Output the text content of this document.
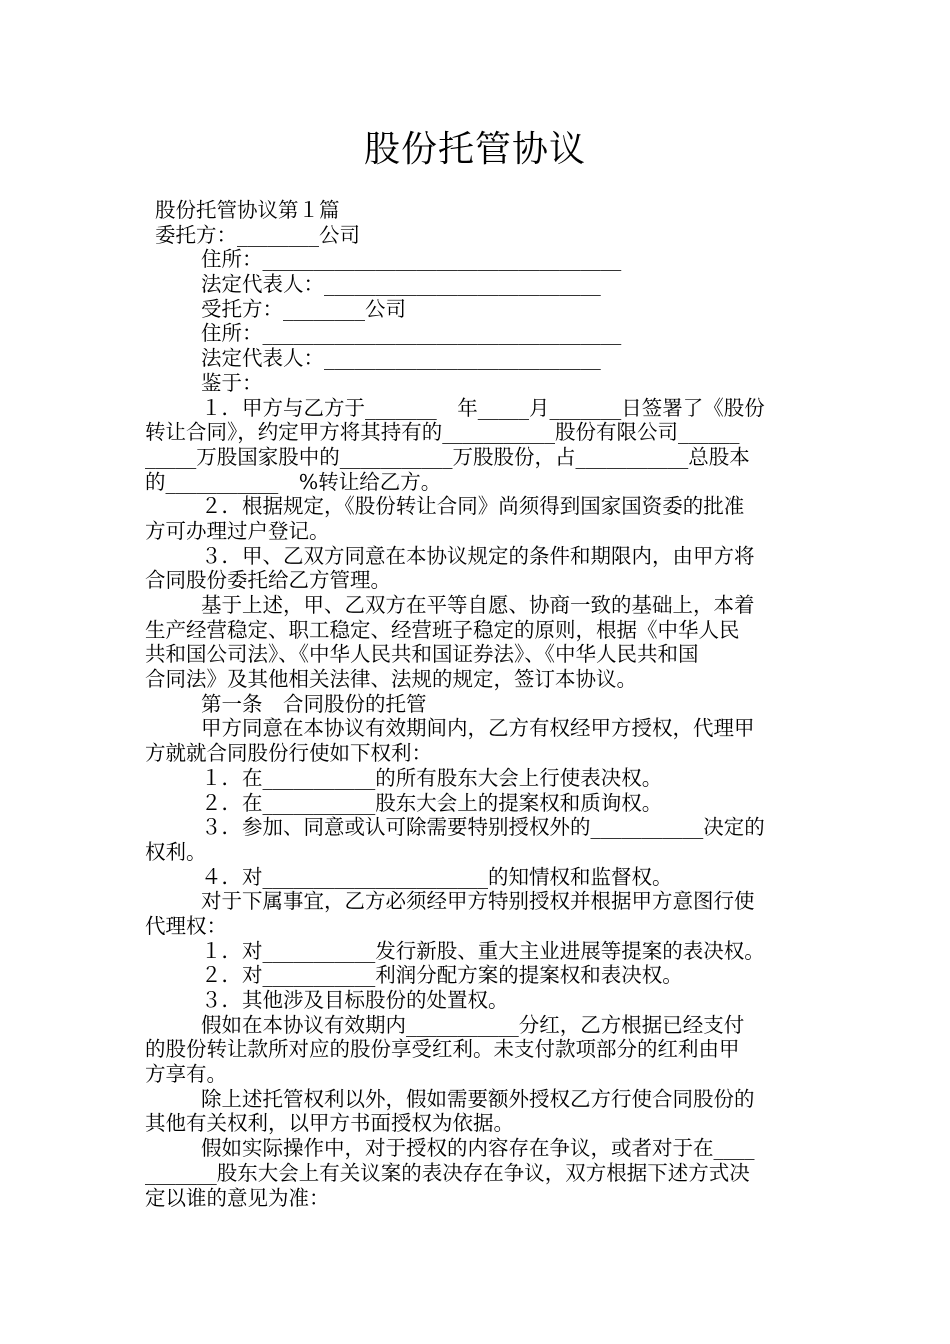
股份托管协议
股份托管协议第１篇
委托方：________公司
住所：___________________________________
法定代表人：___________________________
受托方：________公司
住所：___________________________________
法定代表人：___________________________
鉴于：
１．甲方与乙方于_______　年_____月_______日签署了《股份
转让合同》，约定甲方将其持有的___________股份有限公司______
_____万股国家股中的___________万股股份，占___________总股本
的___________　%转让给乙方。
２．根据规定，《股份转让合同》尚须得到国家国资委的批准
方可办理过户登记。
３．甲、乙双方同意在本协议规定的条件和期限内，由甲方将
合同股份委托给乙方管理。
基于上述，甲、乙双方在平等自愿、协商一致的基础上，本着
生产经营稳定、职工稳定、经营班子稳定的原则，根据《中华人民
共和国公司法》、《中华人民共和国证券法》、《中华人民共和国
合同法》及其他相关法律、法规的规定，签订本协议。
第一条　合同股份的托管
甲方同意在本协议有效期间内，乙方有权经甲方授权，代理甲
方就就合同股份行使如下权利：
１．在___________的所有股东大会上行使表决权。
２．在___________股东大会上的提案权和质询权。
３．参加、同意或认可除需要特别授权外的___________决定的
权利。
４．对______________________的知情权和监督权。
对于下属事宜，乙方必须经甲方特别授权并根据甲方意图行使
代理权：
１．对___________发行新股、重大主业进展等提案的表决权。
２．对___________利润分配方案的提案权和表决权。
３．其他涉及目标股份的处置权。
假如在本协议有效期内___________分红，乙方根据已经支付
的股份转让款所对应的股份享受红利。未支付款项部分的红利由甲
方享有。
除上述托管权利以外，假如需要额外授权乙方行使合同股份的
其他有关权利，以甲方书面授权为依据。
假如实际操作中，对于授权的内容存在争议，或者对于在____
_______股东大会上有关议案的表决存在争议，双方根据下述方式决
定以谁的意见为准：
